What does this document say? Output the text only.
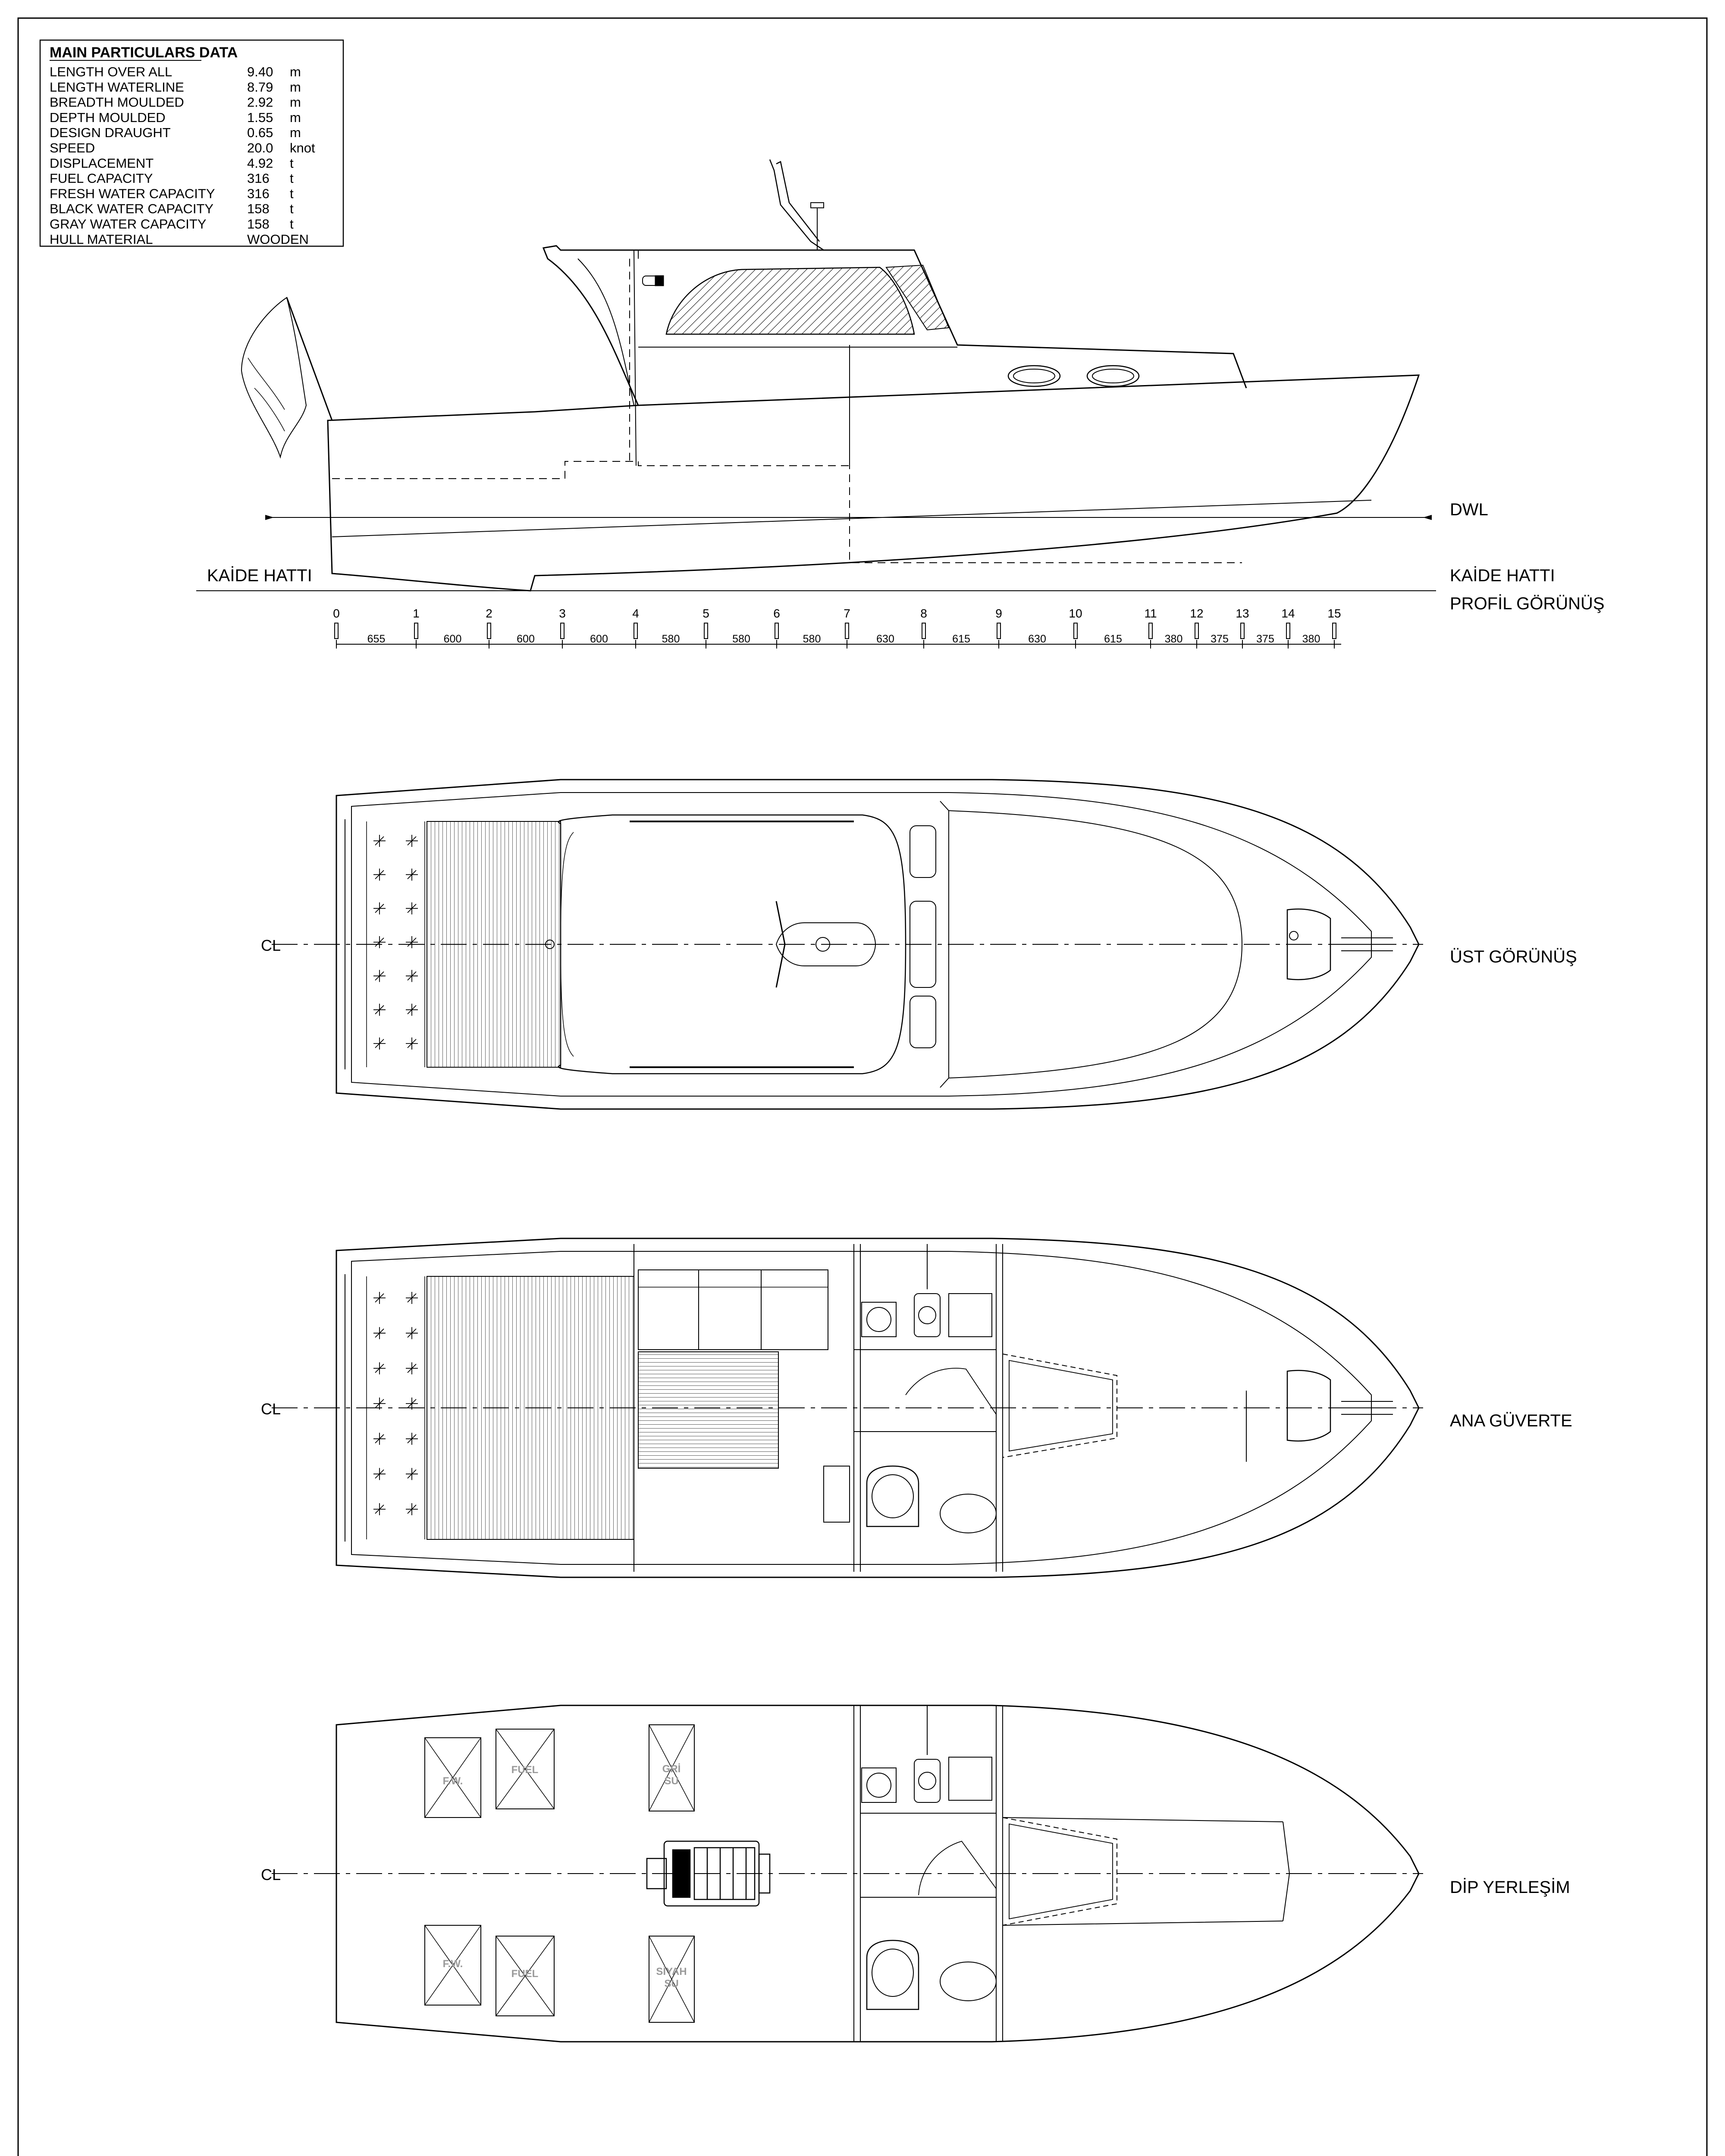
MAIN PARTICULARS DATA
LENGTH OVER ALL	9.40 m
LENGTH WATERLINE	8.79 m
BREADTH MOULDED	2.92 m
DEPTH MOULDED	1.55 m
DESIGN DRAUGHT	0.65 m
SPEED	20.0 knot
DISPLACEMENT	4.92 t
FUEL CAPACITY	316 t
FRESH WATER CAPACITY 316 t
BLACK WATER CAPACITY	158 t
GRAY WATER CAPACITY	158 t
HULL MATERIAL	WOODEN
DWL
KAİDE HATTI	KAİDE HATTI
PROFİL GÖRÜNÜŞ
0	1	2	3	4	5	6	7	8	9	10	11	12	13	14	15
655	600	600	600	580	580	580	630	615	630	615	380	375	375	380
CL
ÜST GÖRÜNÜŞ
CL
ANA GÜVERTE
CL
DİP YERLEŞİM
F.W.
FUEL	GRİ
SU
F.W.
FUEL	SİYAH
SU
